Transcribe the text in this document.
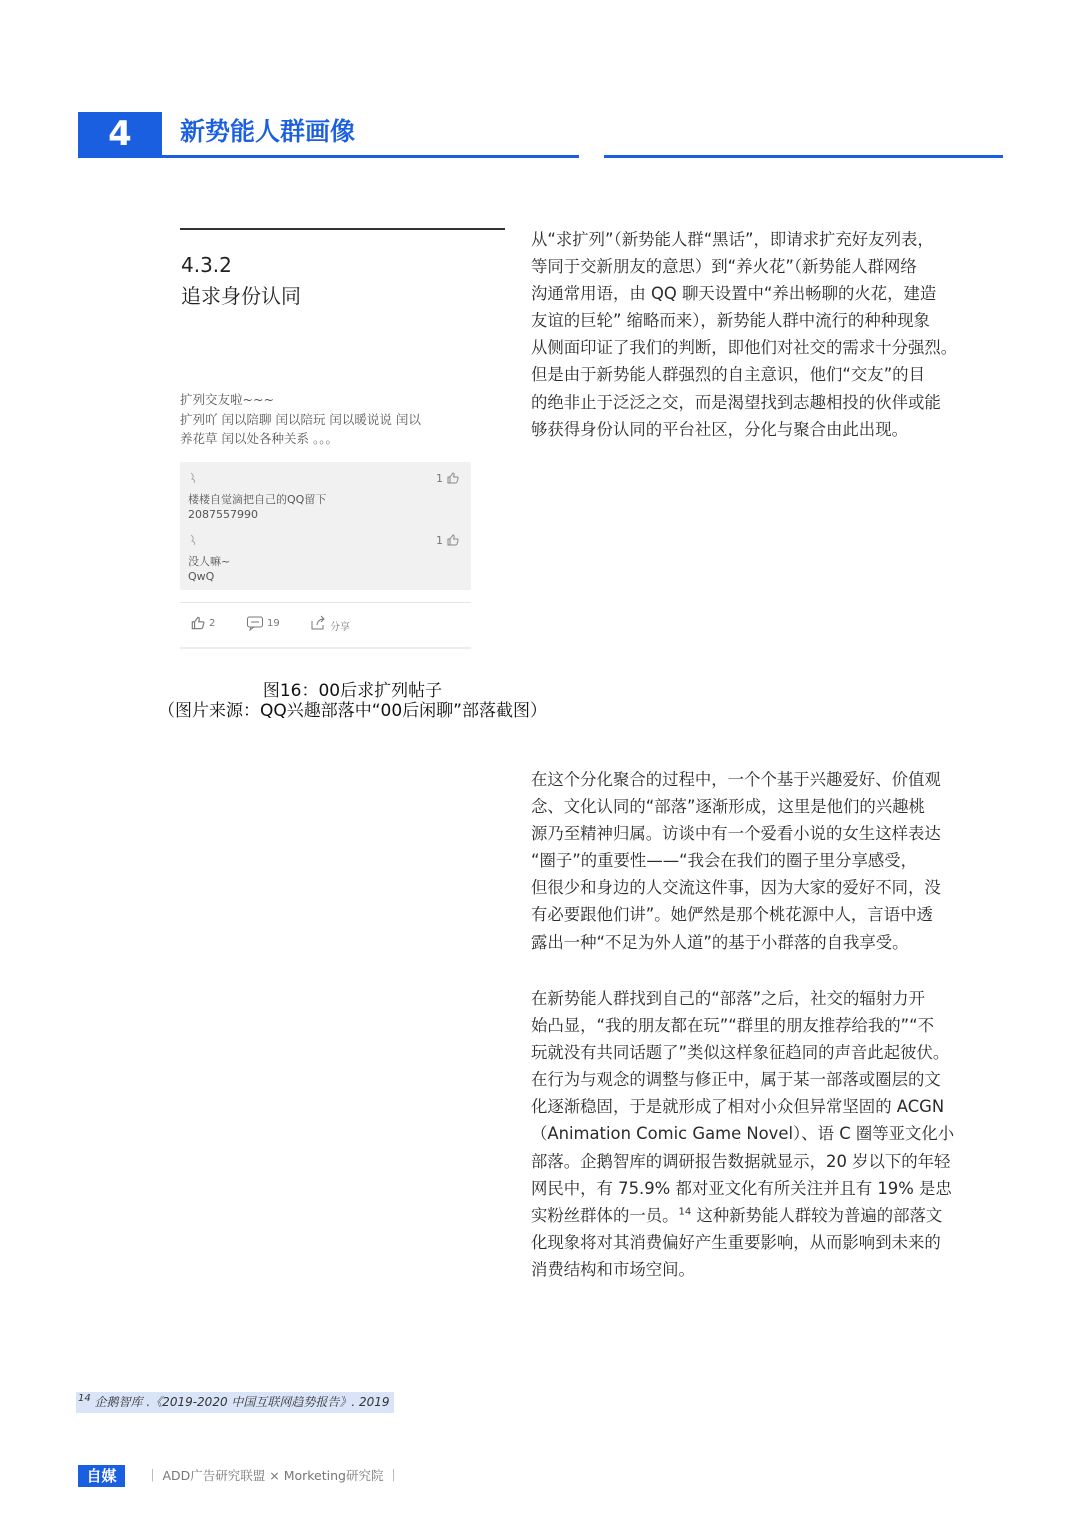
4	新势能人群画像
4.3.2
追求身份认同

从“求扩列”（新势能人群“黑话”，即请求扩充好友列表，
等同于交新朋友的意思）到“养火花”（新势能人群网络
沟通常用语，由 QQ 聊天设置中“养出畅聊的火花，建造
友谊的巨轮” 缩略而来），新势能人群中流行的种种现象
从侧面印证了我们的判断，即他们对社交的需求十分强烈。
但是由于新势能人群强烈的自主意识，他们“交友”的目
的绝非止于泛泛之交，而是渴望找到志趣相投的伙伴或能
够获得身份认同的平台社区，分化与聚合由此出现。

扩列交友啦~~~
扩列吖 闰以陪聊 闰以陪玩 闰以暖说说 闰以
养花草 闰以处各种关系 。。。
1
楼楼自觉滴把自己的QQ留下
2087557990
1
没人嘛~
QwQ
2	19	分享
图16：00后求扩列帖子
（图片来源：QQ兴趣部落中“00后闲聊”部落截图）

在这个分化聚合的过程中，一个个基于兴趣爱好、价值观
念、文化认同的“部落”逐渐形成，这里是他们的兴趣桃
源乃至精神归属。访谈中有一个爱看小说的女生这样表达
“圈子”的重要性——“我会在我们的圈子里分享感受，
但很少和身边的人交流这件事，因为大家的爱好不同，没
有必要跟他们讲”。她俨然是那个桃花源中人，言语中透
露出一种“不足为外人道”的基于小群落的自我享受。

在新势能人群找到自己的“部落”之后，社交的辐射力开
始凸显，“我的朋友都在玩”“群里的朋友推荐给我的”“不
玩就没有共同话题了”类似这样象征趋同的声音此起彼伏。
在行为与观念的调整与修正中，属于某一部落或圈层的文
化逐渐稳固，于是就形成了相对小众但异常坚固的 ACGN
（Animation Comic Game Novel）、语 C 圈等亚文化小
部落。企鹅智库的调研报告数据就显示，20 岁以下的年轻
网民中，有 75.9% 都对亚文化有所关注并且有 19% 是忠
实粉丝群体的一员。$^{14}$ 这种新势能人群较为普遍的部落文
化现象将对其消费偏好产生重要影响，从而影响到未来的
消费结构和市场空间。

$^{14}$ 企鹅智库 .《2019-2020 中国互联网趋势报告》. 2019
自媒	｜ ADD广告研究联盟 × Morketing研究院 ｜
